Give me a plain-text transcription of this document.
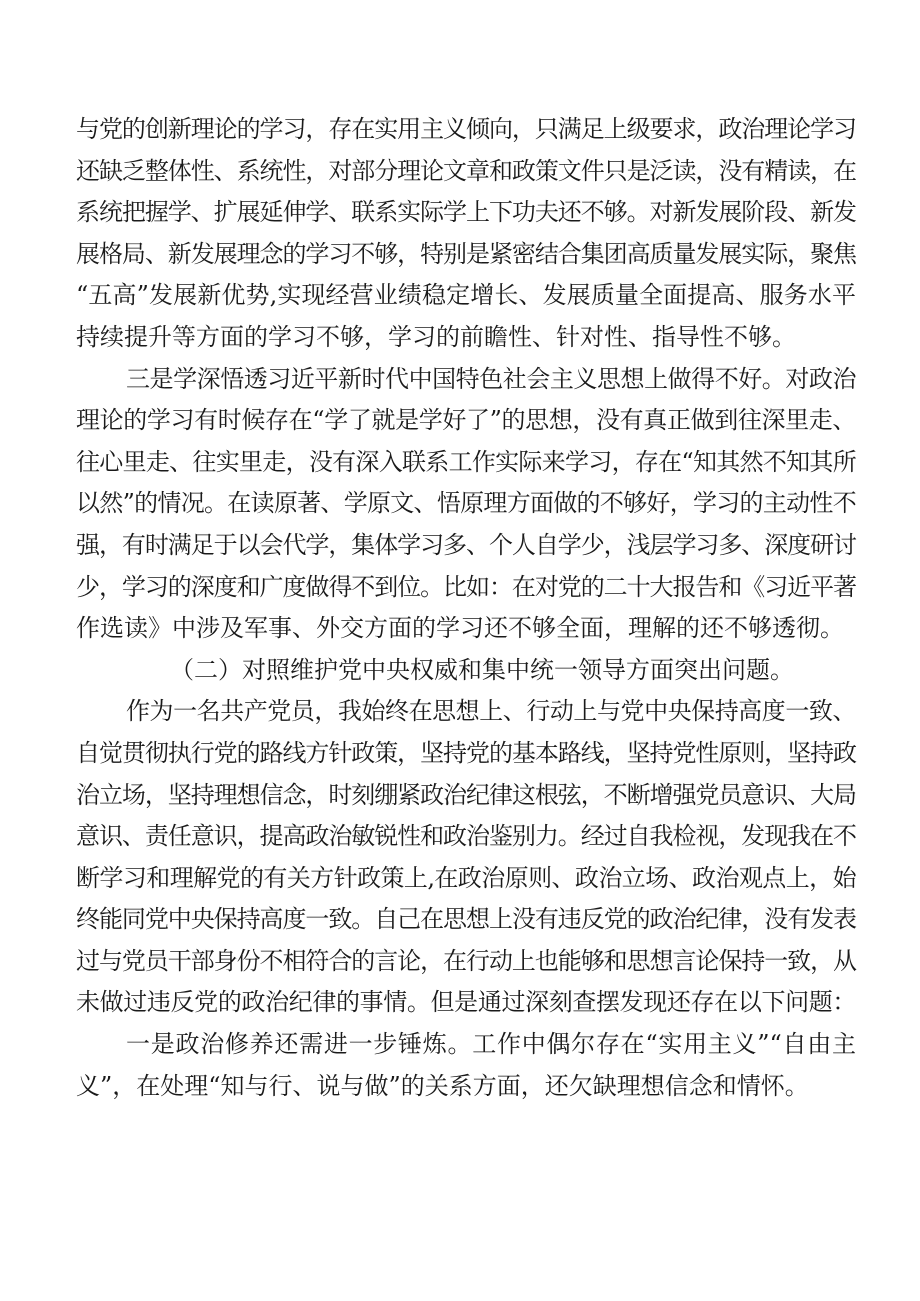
与党的创新理论的学习，存在实用主义倾向，只满足上级要求，政治理论学习
还缺乏整体性、系统性，对部分理论文章和政策文件只是泛读，没有精读，在
系统把握学、扩展延伸学、联系实际学上下功夫还不够。对新发展阶段、新发
展格局、新发展理念的学习不够，特别是紧密结合集团高质量发展实际，聚焦
“五高”发展新优势,实现经营业绩稳定增长、发展质量全面提高、服务水平
持续提升等方面的学习不够，学习的前瞻性、针对性、指导性不够。
三是学深悟透习近平新时代中国特色社会主义思想上做得不好。对政治
理论的学习有时候存在“学了就是学好了”的思想，没有真正做到往深里走、
往心里走、往实里走，没有深入联系工作实际来学习，存在“知其然不知其所
以然”的情况。在读原著、学原文、悟原理方面做的不够好，学习的主动性不
强，有时满足于以会代学，集体学习多、个人自学少，浅层学习多、深度研讨
少，学习的深度和广度做得不到位。比如：在对党的二十大报告和《习近平著
作选读》中涉及军事、外交方面的学习还不够全面，理解的还不够透彻。
（二）对照维护党中央权威和集中统一领导方面突出问题。
作为一名共产党员，我始终在思想上、行动上与党中央保持高度一致、
自觉贯彻执行党的路线方针政策，坚持党的基本路线，坚持党性原则，坚持政
治立场，坚持理想信念，时刻绷紧政治纪律这根弦，不断增强党员意识、大局
意识、责任意识，提高政治敏锐性和政治鉴别力。经过自我检视，发现我在不
断学习和理解党的有关方针政策上,在政治原则、政治立场、政治观点上，始
终能同党中央保持高度一致。自己在思想上没有违反党的政治纪律，没有发表
过与党员干部身份不相符合的言论，在行动上也能够和思想言论保持一致，从
未做过违反党的政治纪律的事情。但是通过深刻查摆发现还存在以下问题：
一是政治修养还需进一步锤炼。工作中偶尔存在“实用主义”“自由主
义”，在处理“知与行、说与做”的关系方面，还欠缺理想信念和情怀。
